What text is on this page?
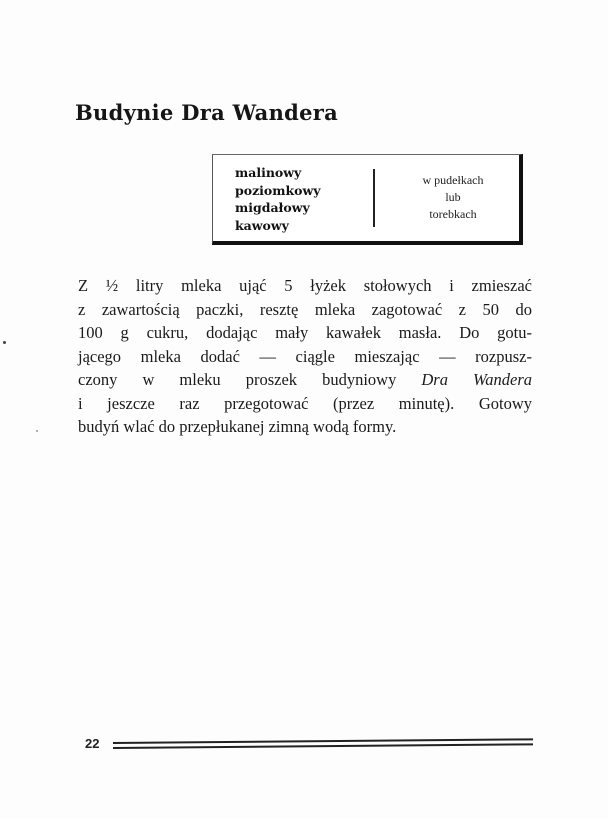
Budynie Dra Wandera
malinowy
poziomkowy
migdałowy
kawowy
w pudełkach
lub
torebkach
Z ½ litry mleka ująć 5 łyżek stołowych i zmieszać
z zawartością paczki, resztę mleka zagotować z 50 do
100 g cukru, dodając mały kawałek masła. Do gotu-
jącego mleka dodać — ciągle mieszając — rozpusz-
czony w mleku proszek budyniowy Dra Wandera
i jeszcze raz przegotować (przez minutę). Gotowy
budyń wlać do przepłukanej zimną wodą formy.
22
